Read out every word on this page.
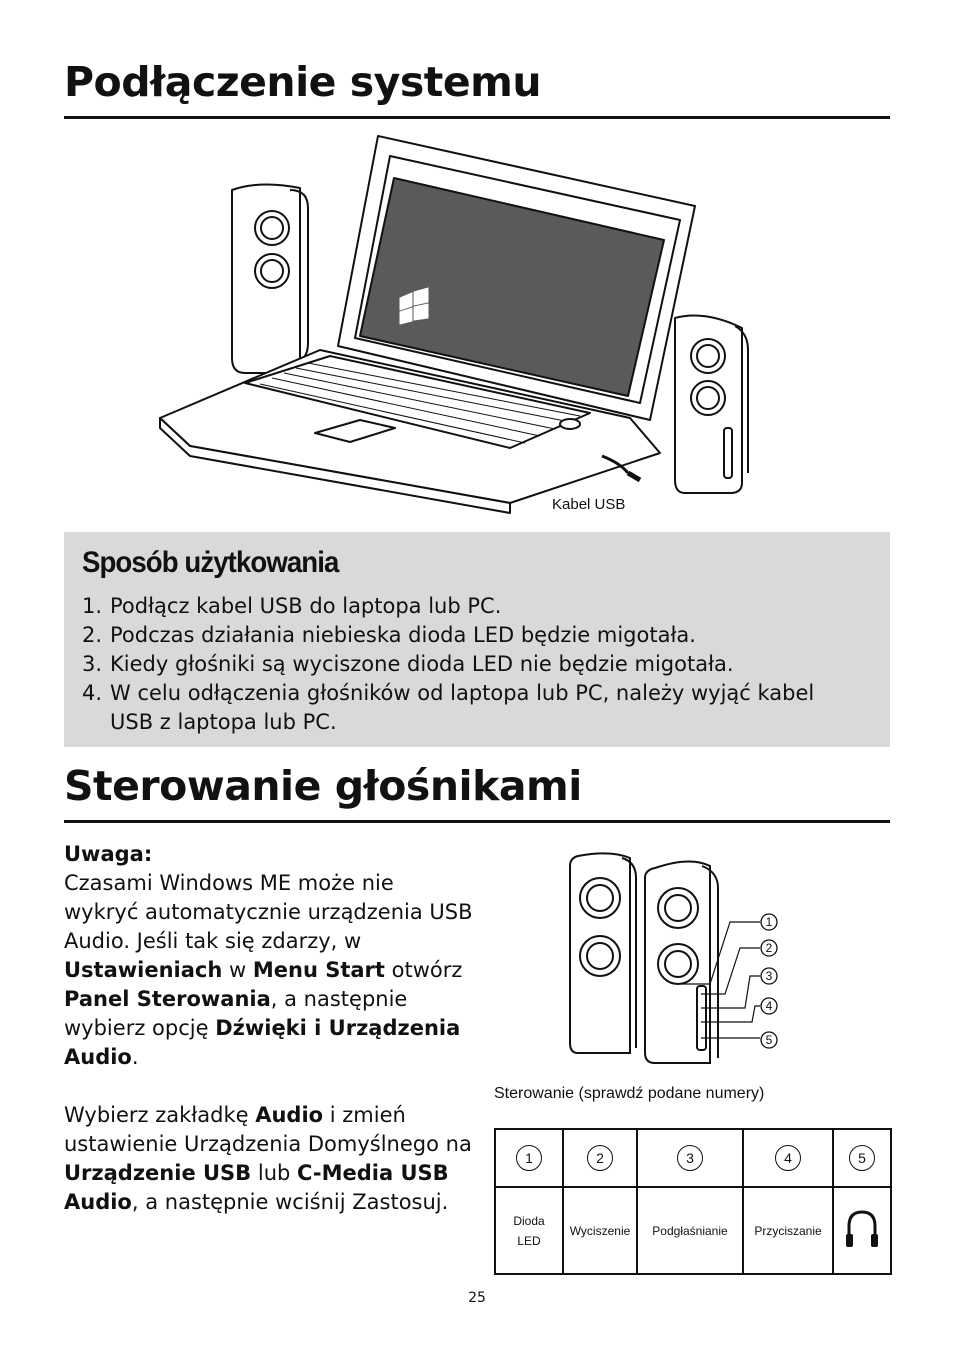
Podłączenie systemu
Kabel USB
Sposób użytkowania
1. Podłącz kabel USB do laptopa lub PC.
2. Podczas działania niebieska dioda LED będzie migotała.
3. Kiedy głośniki są wyciszone dioda LED nie będzie migotała.
4. W celu odłączenia głośników od laptopa lub PC, należy wyjąć kabel USB z laptopa lub PC.
Sterowanie głośnikami

Uwaga:

Czasami Windows ME może nie wykryć automatycznie urządzenia USB Audio. Jeśli tak się zdarzy, w Ustawieniach w Menu Start otwórz Panel Sterowania, a następnie wybierz opcję Dźwięki i Urządzenia Audio.

Wybierz zakładkę Audio i zmień ustawienie Urządzenia Domyślnego na Urządzenie USB lub C-Media USB Audio, a następnie wciśnij Zastosuj.

1
2
3
4
5
Sterowanie (sprawdź podane numery)
1	2	3	4	5
Dioda LED	Wyciszenie	Podgłaśnianie	Przyciszanie	
25
